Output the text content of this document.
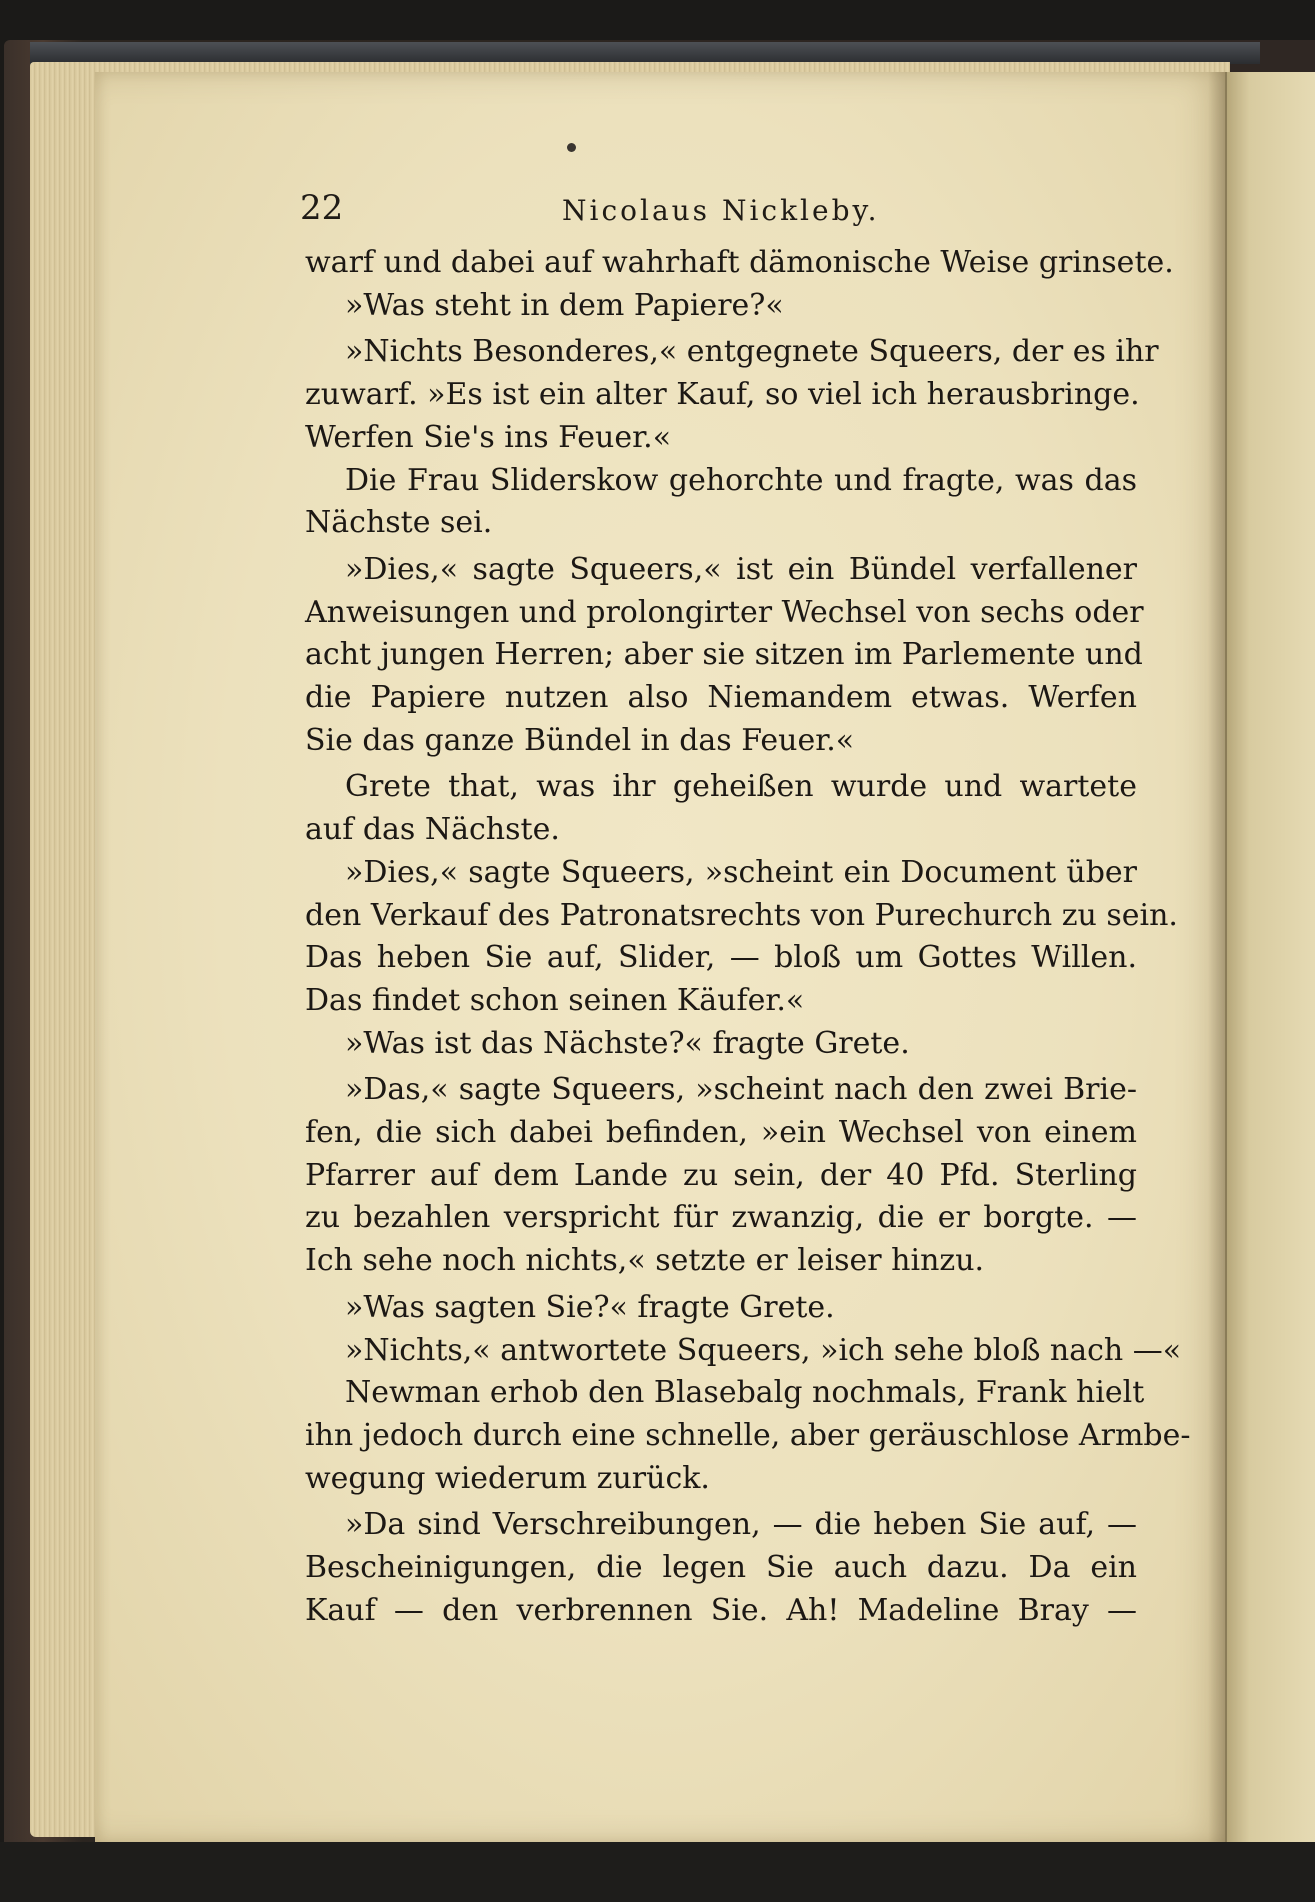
22	Nicolaus Nickleby.
warf und dabei auf wahrhaft dämonische Weise grinsete.
»Was steht in dem Papiere?«
»Nichts Besonderes,« entgegnete Squeers, der es ihr
zuwarf. »Es ist ein alter Kauf, so viel ich herausbringe.
Werfen Sie's ins Feuer.«
Die Frau Sliderskow gehorchte und fragte, was das
Nächste sei.
»Dies,« sagte Squeers,« ist ein Bündel verfallener
Anweisungen und prolongirter Wechsel von sechs oder
acht jungen Herren; aber sie sitzen im Parlemente und
die Papiere nutzen also Niemandem etwas. Werfen
Sie das ganze Bündel in das Feuer.«
Grete that, was ihr geheißen wurde und wartete
auf das Nächste.
»Dies,« sagte Squeers, »scheint ein Document über
den Verkauf des Patronatsrechts von Purechurch zu sein.
Das heben Sie auf, Slider, — bloß um Gottes Willen.
Das findet schon seinen Käufer.«
»Was ist das Nächste?« fragte Grete.
»Das,« sagte Squeers, »scheint nach den zwei Brie-
fen, die sich dabei befinden, »ein Wechsel von einem
Pfarrer auf dem Lande zu sein, der 40 Pfd. Sterling
zu bezahlen verspricht für zwanzig, die er borgte. —
Ich sehe noch nichts,« setzte er leiser hinzu.
»Was sagten Sie?« fragte Grete.
»Nichts,« antwortete Squeers, »ich sehe bloß nach —«
Newman erhob den Blasebalg nochmals, Frank hielt
ihn jedoch durch eine schnelle, aber geräuschlose Armbe-
wegung wiederum zurück.
»Da sind Verschreibungen, — die heben Sie auf, —
Bescheinigungen, die legen Sie auch dazu. Da ein
Kauf — den verbrennen Sie. Ah! Madeline Bray —
